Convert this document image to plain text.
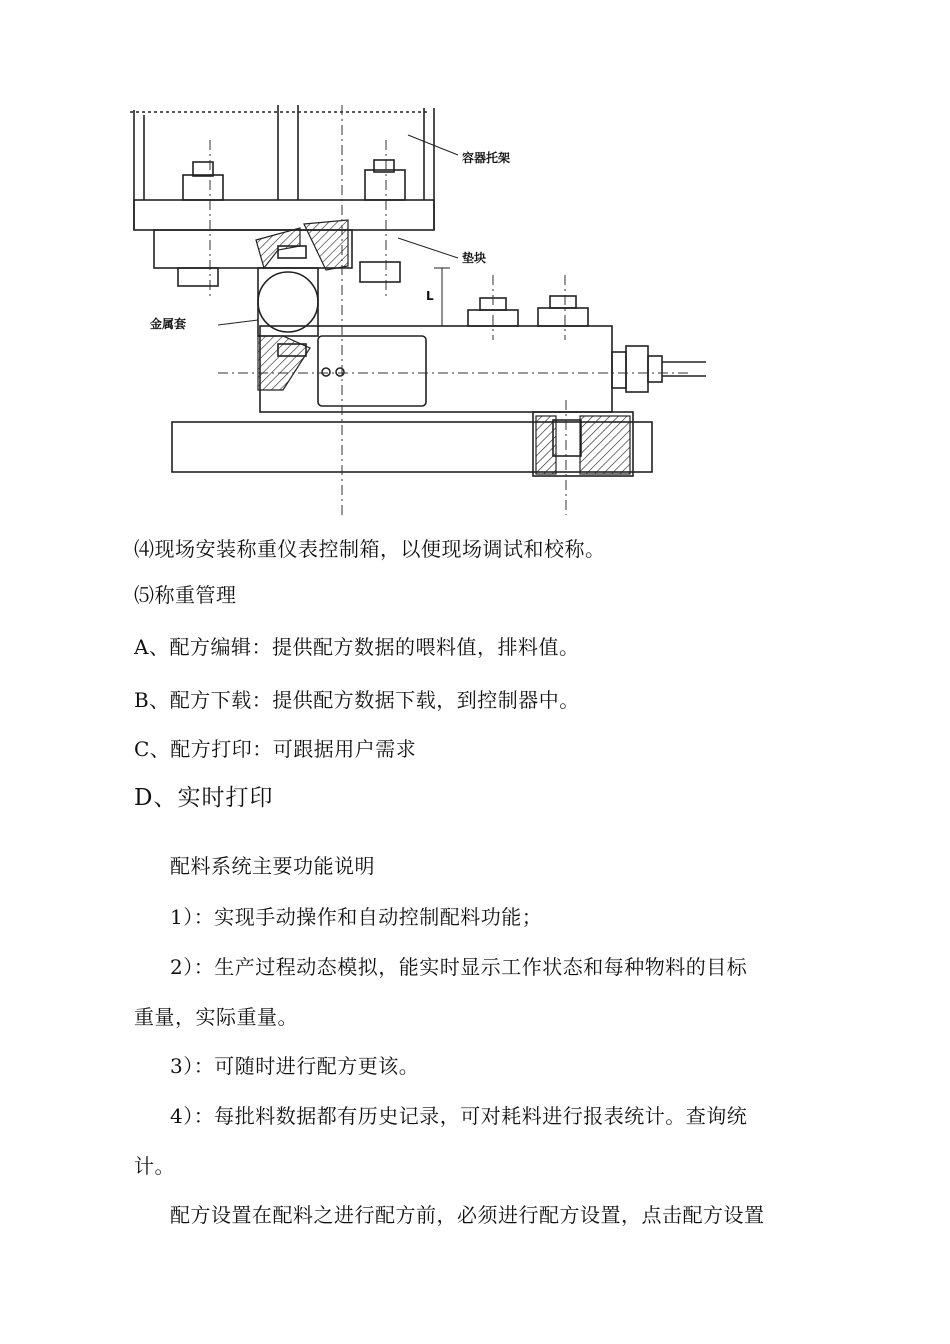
容器托架
垫块
金属套
L
⑷现场安装称重仪表控制箱，以便现场调试和校称。
⑸称重管理
A、配方编辑：提供配方数据的喂料值，排料值。
B、配方下载：提供配方数据下载，到控制器中。
C、配方打印：可跟据用户需求
D、实时打印
配料系统主要功能说明
1）：实现手动操作和自动控制配料功能；
2）：生产过程动态模拟，能实时显示工作状态和每种物料的目标
重量，实际重量。
3）：可随时进行配方更该。
4）：每批料数据都有历史记录，可对耗料进行报表统计。查询统
计。
配方设置在配料之进行配方前，必须进行配方设置，点击配方设置
